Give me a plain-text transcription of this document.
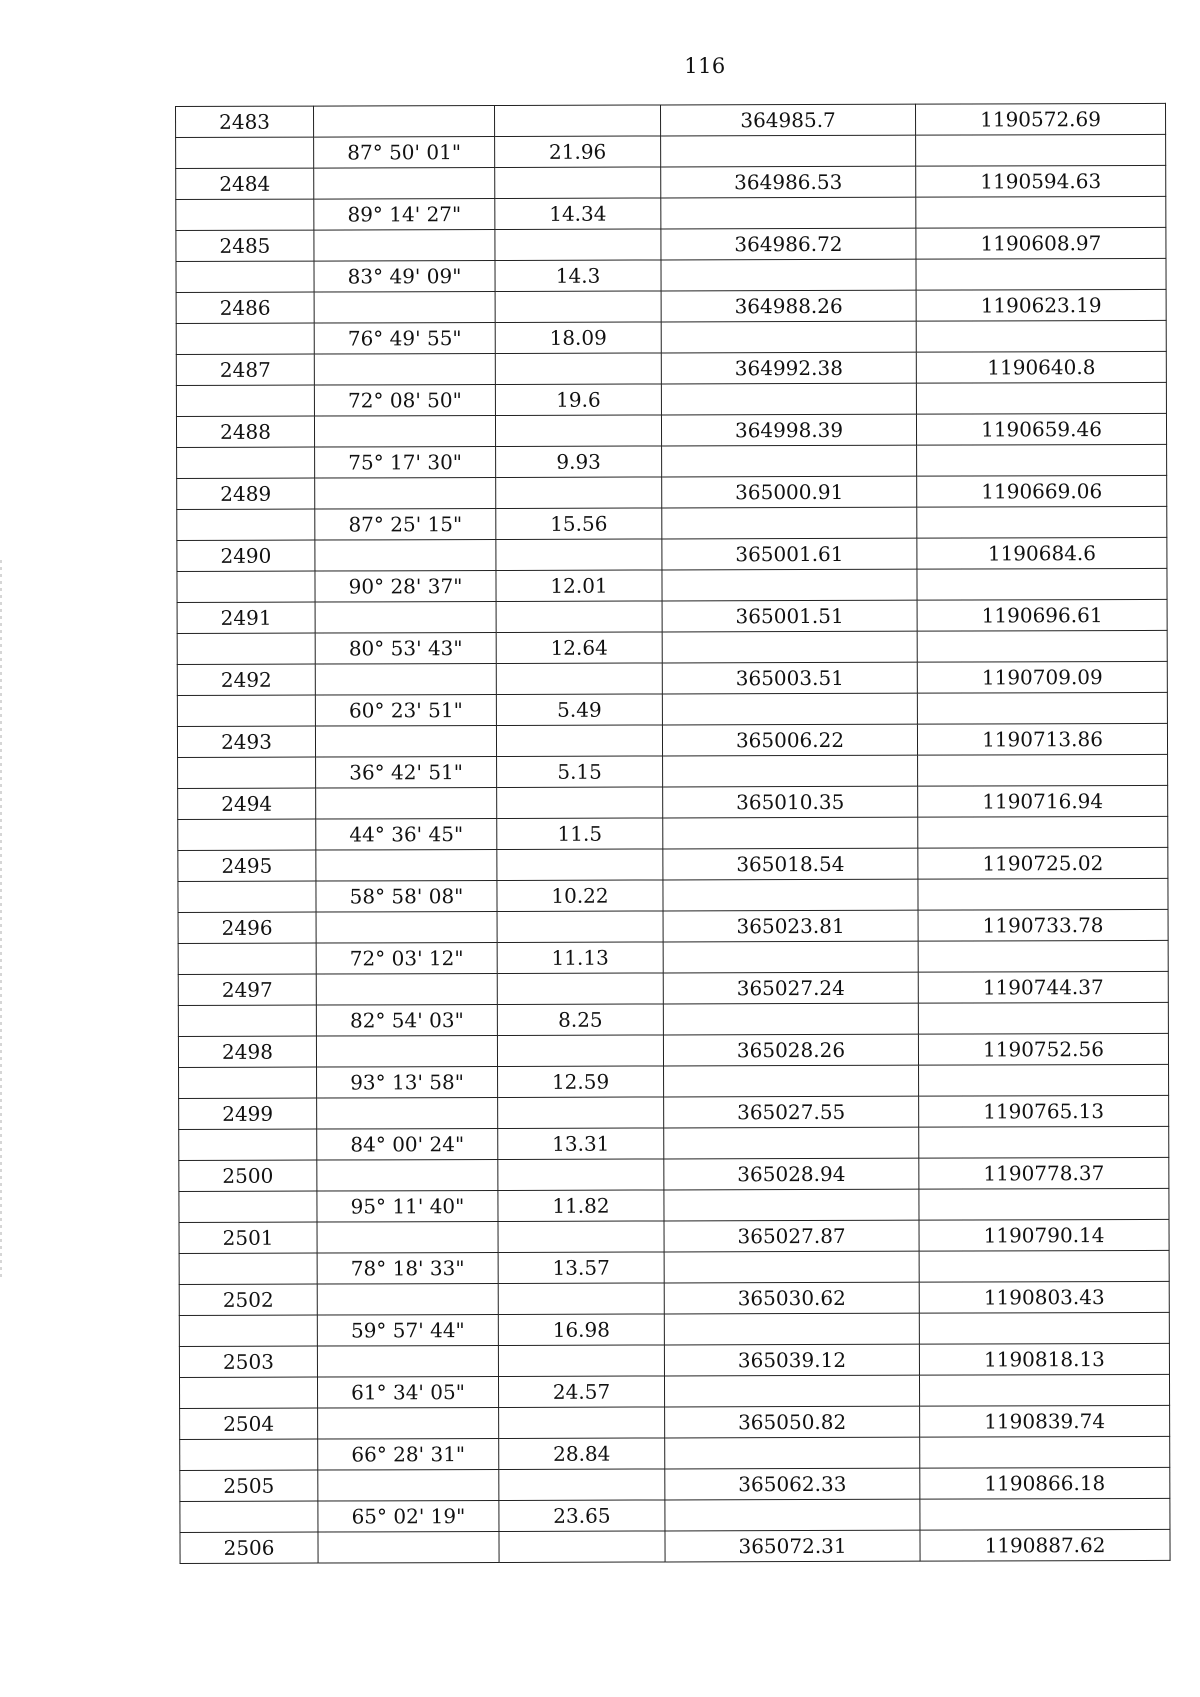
116
2483			364985.7	1190572.69
	87° 50' 01"	21.96		
2484			364986.53	1190594.63
	89° 14' 27"	14.34		
2485			364986.72	1190608.97
	83° 49' 09"	14.3		
2486			364988.26	1190623.19
	76° 49' 55"	18.09		
2487			364992.38	1190640.8
	72° 08' 50"	19.6		
2488			364998.39	1190659.46
	75° 17' 30"	9.93		
2489			365000.91	1190669.06
	87° 25' 15"	15.56		
2490			365001.61	1190684.6
	90° 28' 37"	12.01		
2491			365001.51	1190696.61
	80° 53' 43"	12.64		
2492			365003.51	1190709.09
	60° 23' 51"	5.49		
2493			365006.22	1190713.86
	36° 42' 51"	5.15		
2494			365010.35	1190716.94
	44° 36' 45"	11.5		
2495			365018.54	1190725.02
	58° 58' 08"	10.22		
2496			365023.81	1190733.78
	72° 03' 12"	11.13		
2497			365027.24	1190744.37
	82° 54' 03"	8.25		
2498			365028.26	1190752.56
	93° 13' 58"	12.59		
2499			365027.55	1190765.13
	84° 00' 24"	13.31		
2500			365028.94	1190778.37
	95° 11' 40"	11.82		
2501			365027.87	1190790.14
	78° 18' 33"	13.57		
2502			365030.62	1190803.43
	59° 57' 44"	16.98		
2503			365039.12	1190818.13
	61° 34' 05"	24.57		
2504			365050.82	1190839.74
	66° 28' 31"	28.84		
2505			365062.33	1190866.18
	65° 02' 19"	23.65		
2506			365072.31	1190887.62
